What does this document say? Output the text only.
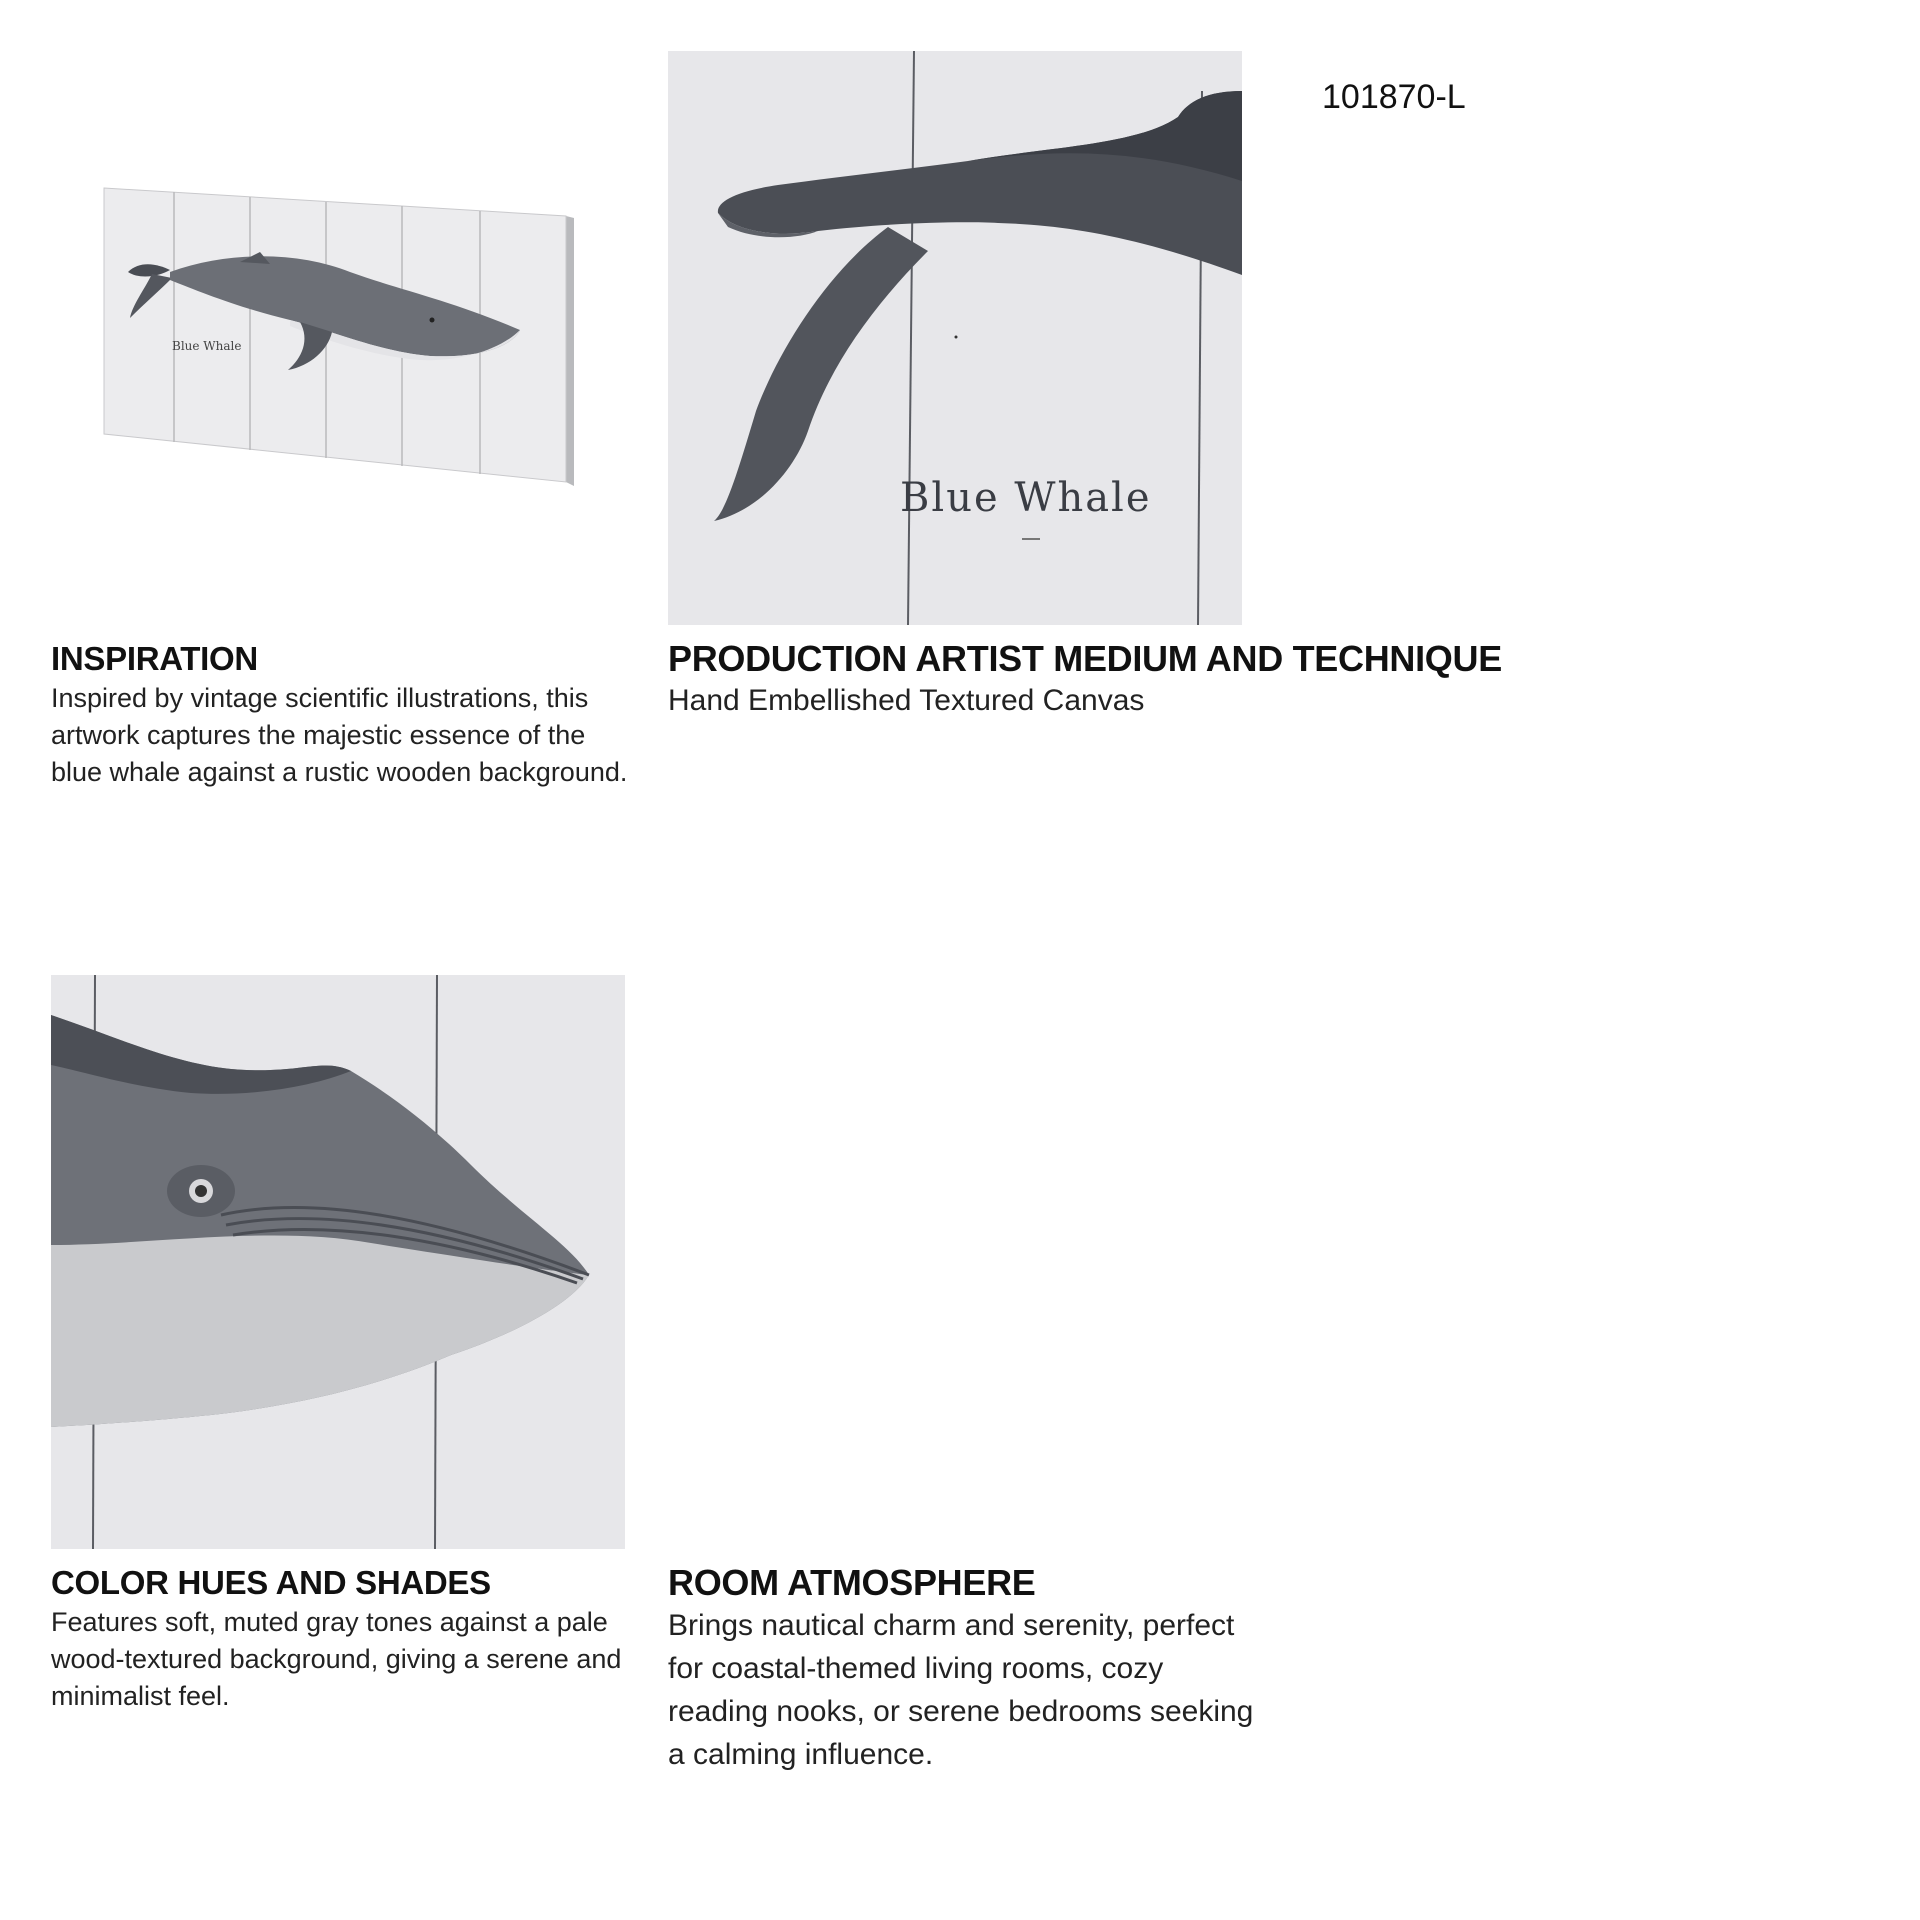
101870-L
Blue Whale
Blue Whale
INSPIRATION

Inspired by vintage scientific illustrations, this artwork captures the majestic essence of the blue whale against a rustic wooden background.

PRODUCTION ARTIST MEDIUM AND TECHNIQUE

Hand Embellished Textured Canvas

COLOR HUES AND SHADES

Features soft, muted gray tones against a pale wood-textured background, giving a serene and minimalist feel.

ROOM ATMOSPHERE

Brings nautical charm and serenity, perfect for coastal-themed living rooms, cozy reading nooks, or serene bedrooms seeking a calming influence.
